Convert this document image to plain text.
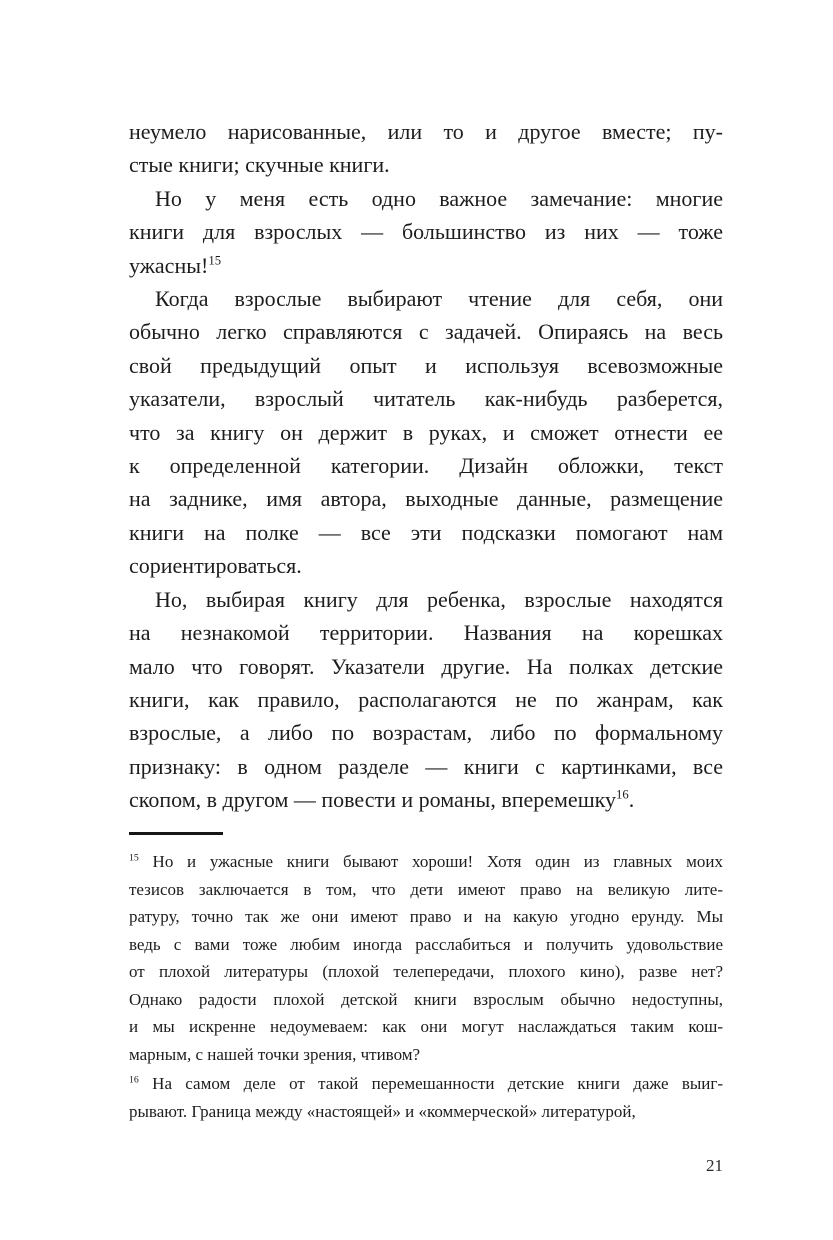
неумело нарисованные, или то и другое вместе; пу-
стые книги; скучные книги.

Но у меня есть одно важное замечание: многие
книги для взрослых — большинство из них — тоже
ужасны!$^{15}$

Когда взрослые выбирают чтение для себя, они
обычно легко справляются с задачей. Опираясь на весь
свой предыдущий опыт и используя всевозможные
указатели, взрослый читатель как-нибудь разберется,
что за книгу он держит в руках, и сможет отнести ее
к определенной категории. Дизайн обложки, текст
на заднике, имя автора, выходные данные, размещение
книги на полке — все эти подсказки помогают нам
сориентироваться.

Но, выбирая книгу для ребенка, взрослые находятся
на незнакомой территории. Названия на корешках
мало что говорят. Указатели другие. На полках детские
книги, как правило, располагаются не по жанрам, как
взрослые, а либо по возрастам, либо по формальному
признаку: в одном разделе — книги с картинками, все
скопом, в другом — повести и романы, вперемешку$^{16}$.

$^{15}$ Но и ужасные книги бывают хороши! Хотя один из главных моих
тезисов заключается в том, что дети имеют право на великую лите-
ратуру, точно так же они имеют право и на какую угодно ерунду. Мы
ведь с вами тоже любим иногда расслабиться и получить удовольствие
от плохой литературы (плохой телепередачи, плохого кино), разве нет?
Однако радости плохой детской книги взрослым обычно недоступны,
и мы искренне недоумеваем: как они могут наслаждаться таким кош-
марным, с нашей точки зрения, чтивом?
$^{16}$ На самом деле от такой перемешанности детские книги даже выиг-
рывают. Граница между «настоящей» и «коммерческой» литературой,
21
